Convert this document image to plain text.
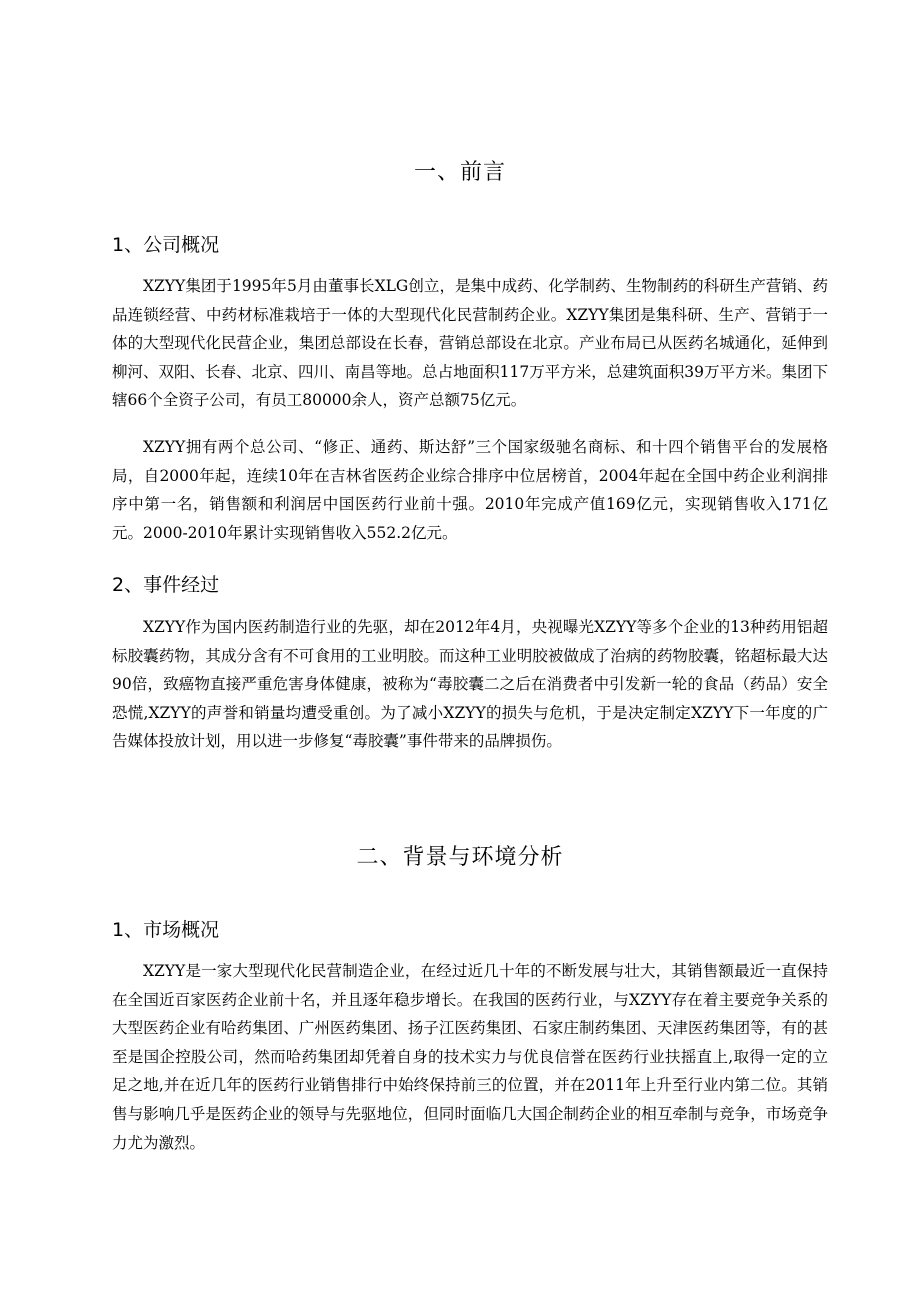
一、前言
1、公司概况

XZYY集团于1995年5月由董事长XLG创立，是集中成药、化学制药、生物制药的科研生产营销、药品连锁经营、中药材标准栽培于一体的大型现代化民营制药企业。XZYY集团是集科研、生产、营销于一体的大型现代化民营企业，集团总部设在长春，营销总部设在北京。产业布局已从医药名城通化，延伸到柳河、双阳、长春、北京、四川、南昌等地。总占地面积117万平方米，总建筑面积39万平方米。集团下辖66个全资子公司，有员工80000余人，资产总额75亿元。

XZYY拥有两个总公司、“修正、通药、斯达舒”三个国家级驰名商标、和十四个销售平台的发展格局，自2000年起，连续10年在吉林省医药企业综合排序中位居榜首，2004年起在全国中药企业利润排序中第一名，销售额和利润居中国医药行业前十强。2010年完成产值169亿元，实现销售收入171亿元。2000-2010年累计实现销售收入552.2亿元。

2、事件经过

XZYY作为国内医药制造行业的先驱，却在2012年4月，央视曝光XZYY等多个企业的13种药用铝超标胶囊药物，其成分含有不可食用的工业明胶。而这种工业明胶被做成了治病的药物胶囊，铭超标最大达90倍，致癌物直接严重危害身体健康，被称为“毒胶囊二之后在消费者中引发新一轮的食品（药品）安全恐慌,XZYY的声誉和销量均遭受重创。为了减小XZYY的损失与危机，于是决定制定XZYY下一年度的广告媒体投放计划，用以进一步修复“毒胶囊”事件带来的品牌损伤。

二、背景与环境分析
1、市场概况

XZYY是一家大型现代化民营制造企业，在经过近几十年的不断发展与壮大，其销售额最近一直保持在全国近百家医药企业前十名，并且逐年稳步增长。在我国的医药行业，与XZYY存在着主要竞争关系的大型医药企业有哈药集团、广州医药集团、扬子江医药集团、石家庄制药集团、天津医药集团等，有的甚至是国企控股公司，然而哈药集团却凭着自身的技术实力与优良信誉在医药行业扶摇直上,取得一定的立足之地,并在近几年的医药行业销售排行中始终保持前三的位置，并在2011年上升至行业内第二位。其销售与影响几乎是医药企业的领导与先驱地位，但同时面临几大国企制药企业的相互牵制与竞争，市场竞争力尤为激烈。
